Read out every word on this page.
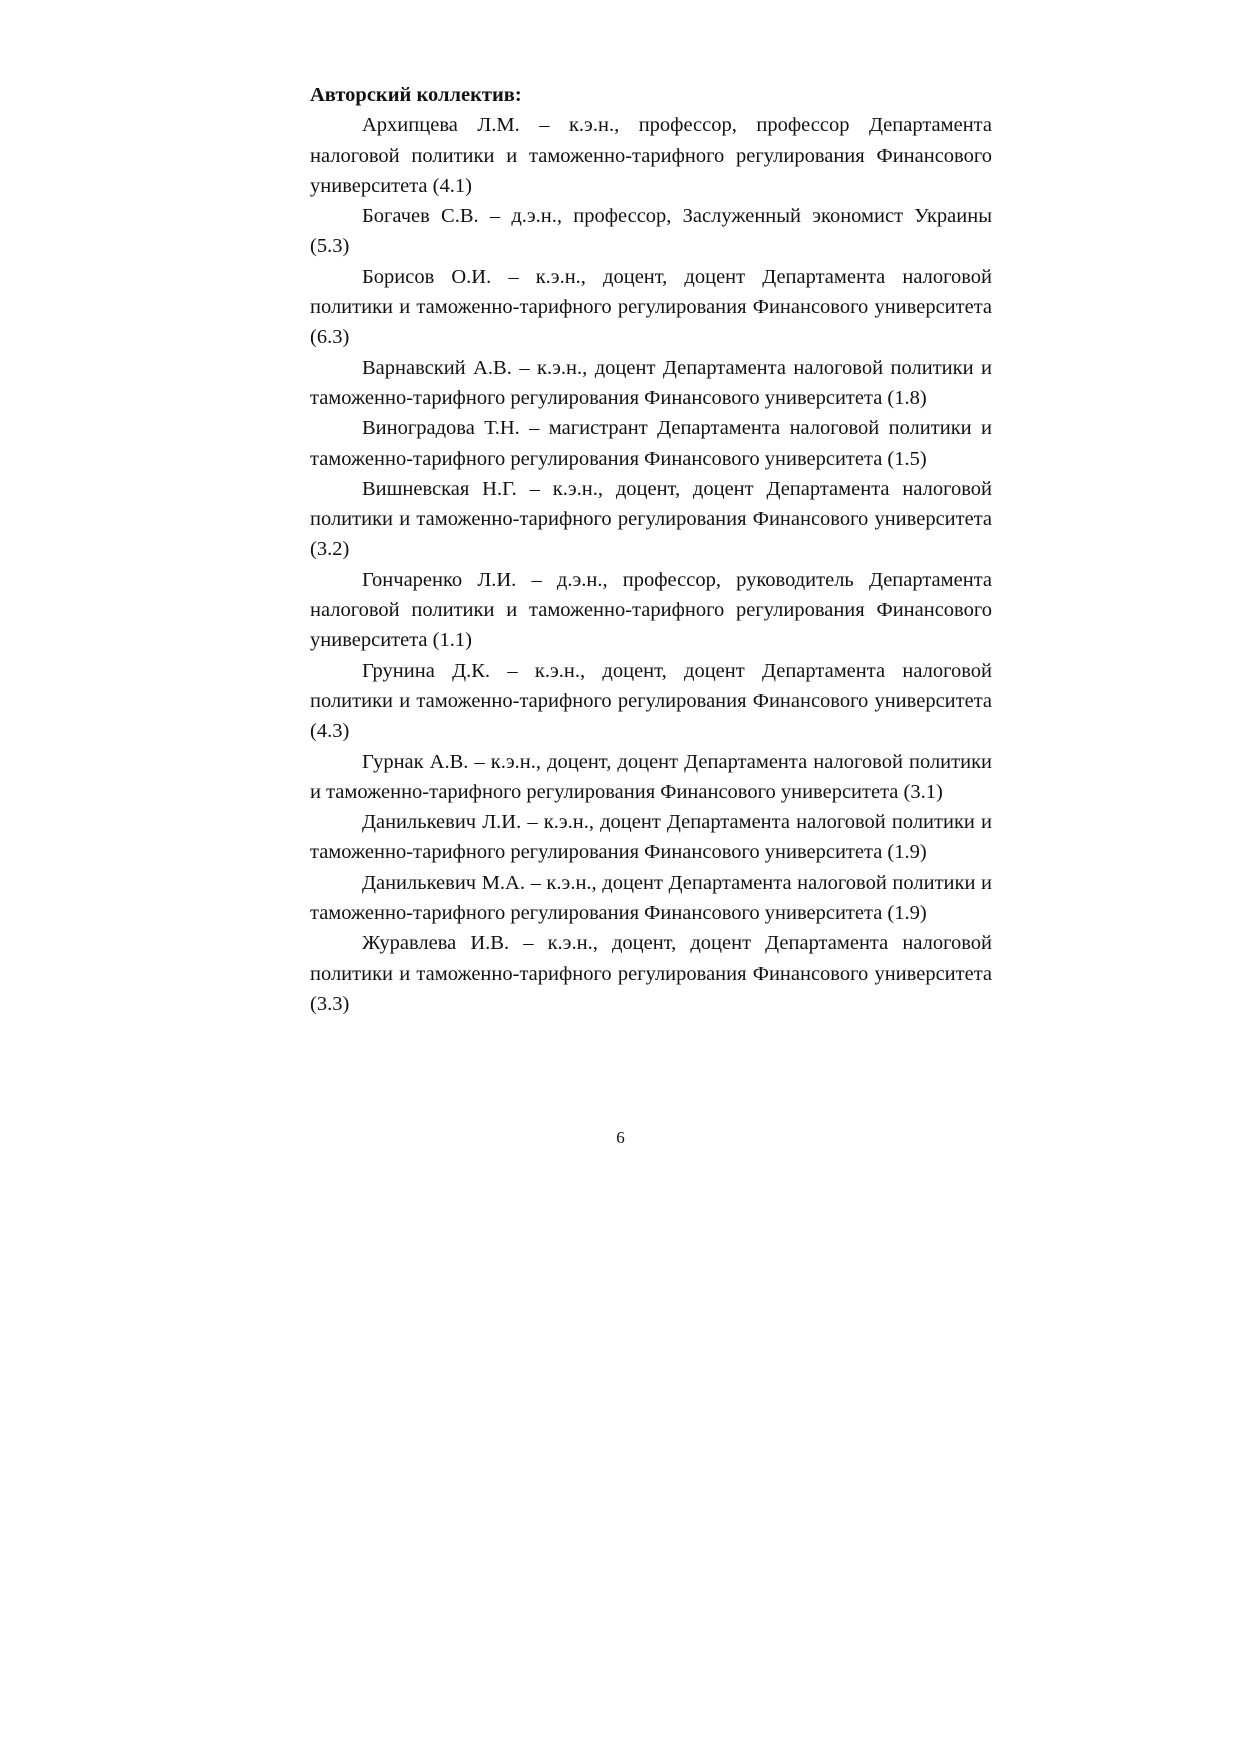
Авторский коллектив:

Архипцева Л.М. – к.э.н., профессор, профессор Департамента налоговой политики и таможенно-тарифного регулирования Финансового университета (4.1)

Богачев С.В. – д.э.н., профессор, Заслуженный экономист Украины (5.3)

Борисов О.И. – к.э.н., доцент, доцент Департамента налоговой политики и таможенно-тарифного регулирования Финансового университета (6.3)

Варнавский А.В. – к.э.н., доцент Департамента налоговой политики и таможенно-тарифного регулирования Финансового университета (1.8)

Виноградова Т.Н. – магистрант Департамента налоговой политики и таможенно-тарифного регулирования Финансового университета (1.5)

Вишневская Н.Г. – к.э.н., доцент, доцент Департамента налоговой политики и таможенно-тарифного регулирования Финансового университета (3.2)

Гончаренко Л.И. – д.э.н., профессор, руководитель Департамента налоговой политики и таможенно-тарифного регулирования Финансового университета (1.1)

Грунина Д.К. – к.э.н., доцент, доцент Департамента налоговой политики и таможенно-тарифного регулирования Финансового университета (4.3)

Гурнак А.В. – к.э.н., доцент, доцент Департамента налоговой политики и таможенно-тарифного регулирования Финансового университета (3.1)

Данилькевич Л.И. – к.э.н., доцент Департамента налоговой политики и таможенно-тарифного регулирования Финансового университета (1.9)

Данилькевич М.А. – к.э.н., доцент Департамента налоговой политики и таможенно-тарифного регулирования Финансового университета (1.9)

Журавлева И.В. – к.э.н., доцент, доцент Департамента налоговой политики и таможенно-тарифного регулирования Финансового университета (3.3)

6
